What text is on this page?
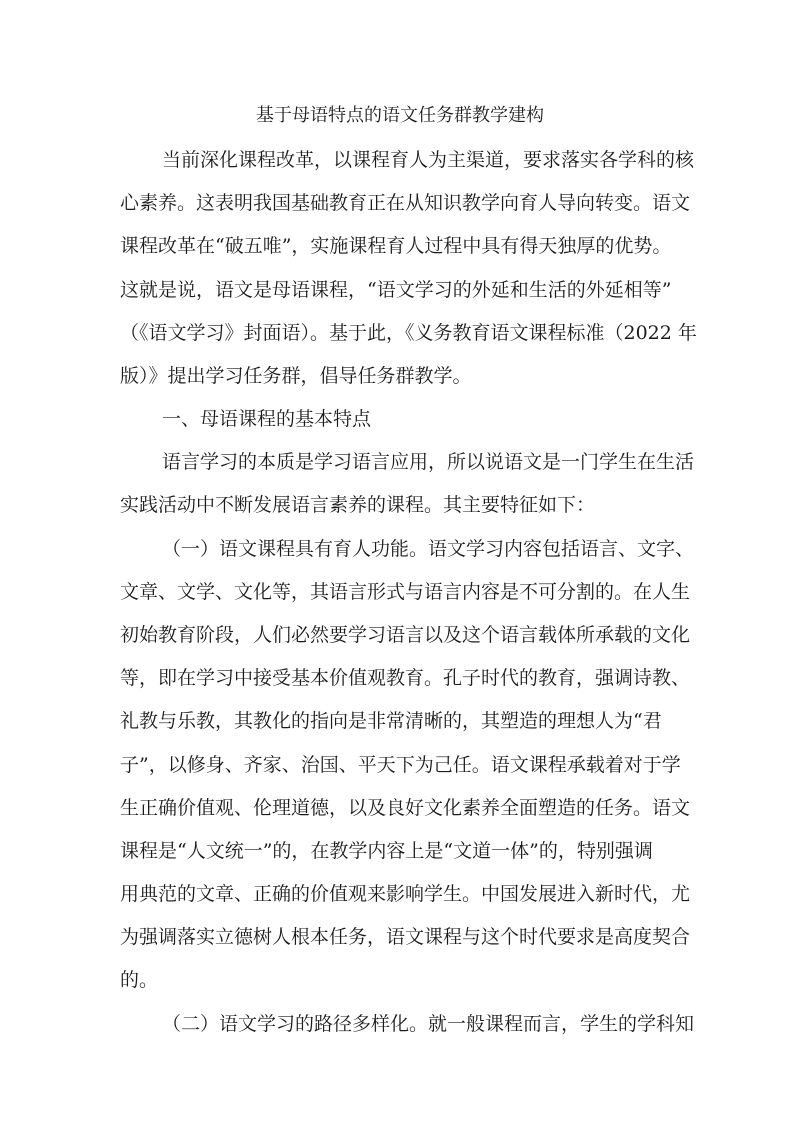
基于母语特点的语文任务群教学建构
当前深化课程改革，以课程育人为主渠道，要求落实各学科的核
心素养。这表明我国基础教育正在从知识教学向育人导向转变。语文
课程改革在“破五唯”，实施课程育人过程中具有得天独厚的优势。
这就是说，语文是母语课程，“语文学习的外延和生活的外延相等”
（《语文学习》封面语）。基于此，《义务教育语文课程标准（2022 年
版）》提出学习任务群，倡导任务群教学。
一、母语课程的基本特点
语言学习的本质是学习语言应用，所以说语文是一门学生在生活
实践活动中不断发展语言素养的课程。其主要特征如下：
（一）语文课程具有育人功能。语文学习内容包括语言、文字、
文章、文学、文化等，其语言形式与语言内容是不可分割的。在人生
初始教育阶段，人们必然要学习语言以及这个语言载体所承载的文化
等，即在学习中接受基本价值观教育。孔子时代的教育，强调诗教、
礼教与乐教，其教化的指向是非常清晰的，其塑造的理想人为“君
子”，以修身、齐家、治国、平天下为己任。语文课程承载着对于学
生正确价值观、伦理道德，以及良好文化素养全面塑造的任务。语文
课程是“人文统一”的，在教学内容上是“文道一体”的，特别强调
用典范的文章、正确的价值观来影响学生。中国发展进入新时代，尤
为强调落实立德树人根本任务，语文课程与这个时代要求是高度契合
的。
（二）语文学习的路径多样化。就一般课程而言，学生的学科知
